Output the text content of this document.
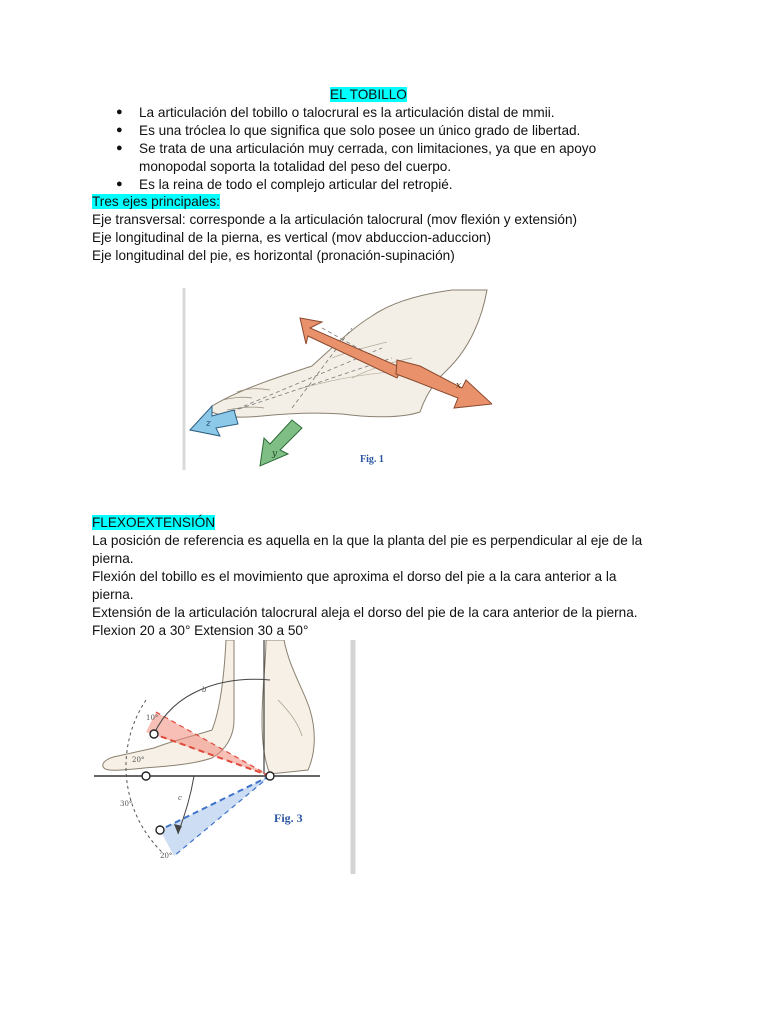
EL TOBILLO
● La articulación del tobillo o talocrural es la articulación distal de mmii.
● Es una tróclea lo que significa que solo posee un único grado de libertad.
● Se trata de una articulación muy cerrada, con limitaciones, ya que en apoyo
monopodal soporta la totalidad del peso del cuerpo.
● Es la reina de todo el complejo articular del retropié.
Tres ejes principales:
Eje transversal: corresponde a la articulación talocrural (mov flexión y extensión)
Eje longitudinal de la pierna, es vertical (mov abduccion-aduccion)
Eje longitudinal del pie, es horizontal (pronación-supinación)
x
z
y	Fig. 1
FLEXOEXTENSIÓN
La posición de referencia es aquella en la que la planta del pie es perpendicular al eje de la
pierna.
Flexión del tobillo es el movimiento que aproxima el dorso del pie a la cara anterior a la
pierna.
Extensión de la articulación talocrural aleja el dorso del pie de la cara anterior de la pierna.
Flexion 20 a 30° Extension 30 a 50°
10°
20°
30°
20°
b
c
Fig. 3
